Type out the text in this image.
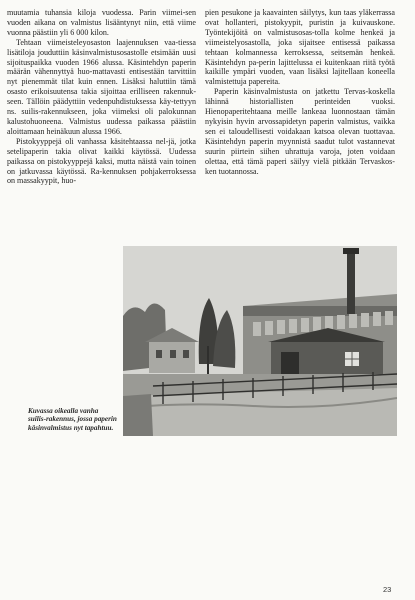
muutamia tuhansia kiloja vuodessa. Parin viimei-sen vuoden aikana on valmistus lisääntynyt niin, että viime vuonna päästiin yli 6 000 kilon.

Tehtaan viimeisteleyosaston laajennuksen vaa-tiessa lisätiloja jouduttiin käsinvalmistusosastolle etsimään uusi sijoituspaikka vuoden 1966 alussa. Käsintehdyn paperin määrän vähennyttyä huo-mattavasti entisestään tarvittiin nyt pienemmät tilat kuin ennen. Lisäksi haluttiin tämä osasto erikoisuutensa takia sijoittaa erilliseen rakennuk-seen. Tällöin päädyttiin vedenpuhdistuksessa käy-tettyyn ns. suilis-rakennukseen, joka viimeksi oli palokunnan kalustohuoneena. Valmistus uudessa paikassa päästiin aloittamaan heinäkuun alussa 1966.

Pistokyyppejä oli vanhassa käsitehtaassa nel-jä, jotka setelipaperin takia olivat kaikki käytössä. Uudessa paikassa on pistokyyppejä kaksi, mutta näistä vain toinen on jatkuvassa käytössä. Ra-kennuksen pohjakerroksessa on massakyypit, huo-

pien pesukone ja kaavainten säilytys, kun taas yläkerrassa ovat hollanteri, pistokyypit, puristin ja kuivauskone. Työntekijöitä on valmistusosas-tolla kolme henkeä ja viimeistelyosastolla, joka sijaitsee entisessä paikassa tehtaan kolmannessa kerroksessa, seitsemän henkeä. Käsintehdyn pa-perin lajittelussa ei kuitenkaan riitä työtä kaikille ympäri vuoden, vaan lisäksi lajitellaan koneella valmistettuja papereita.

Paperin käsinvalmistusta on jatkettu Tervas-koskella lähinnä historiallisten perinteiden vuoksi. Hienopaperitehtaana meille lankeaa luonnostaan tämän nykyisin hyvin arvossapidetyn paperin valmistus, vaikka sen ei taloudellisesti voidakaan katsoa olevan tuottavaa. Käsintehdyn paperin myynnistä saadut tulot vastannevat suurin piirtein siihen uhrattuja varoja, joten voidaan olettaa, että tämä paperi säilyy vielä pitkään Tervaskos-ken tuotannossa.

Kuvassa oikealla vanha suilis-rakennus, jossa paperin käsinvalmistus nyt tapahtuu.
23
